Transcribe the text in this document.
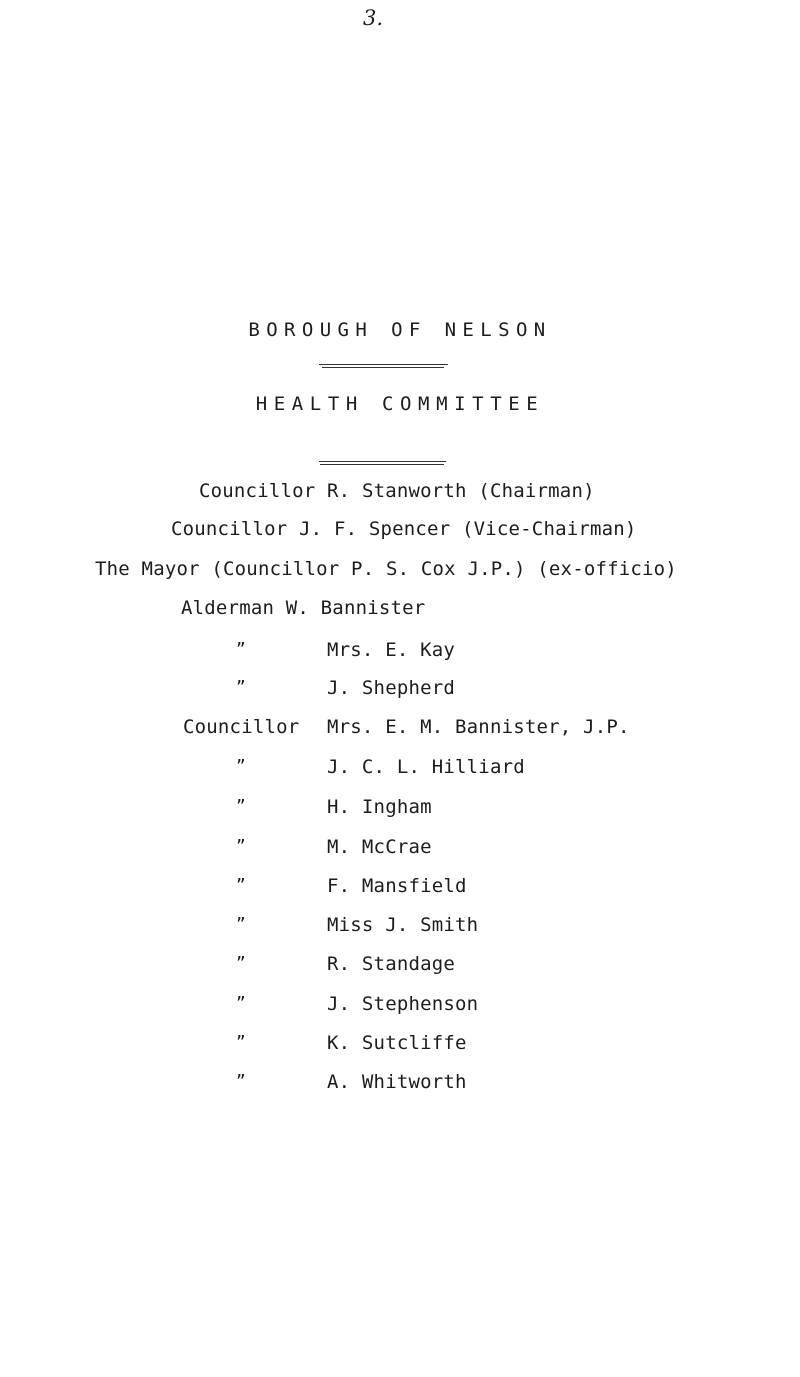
3.
BOROUGH OF NELSON
HEALTH COMMITTEE
Councillor R. Stanworth (Chairman)
Councillor J. F. Spencer (Vice-Chairman)
The Mayor (Councillor P. S. Cox J.P.) (ex-officio)
Alderman W. Bannister
”	Mrs. E. Kay
”	J. Shepherd
Councillor Mrs. E. M. Bannister, J.P.
”	J. C. L. Hilliard
”	H. Ingham
”	M. McCrae
”	F. Mansfield
”	Miss J. Smith
”	R. Standage
”	J. Stephenson
”	K. Sutcliffe
”	A. Whitworth
